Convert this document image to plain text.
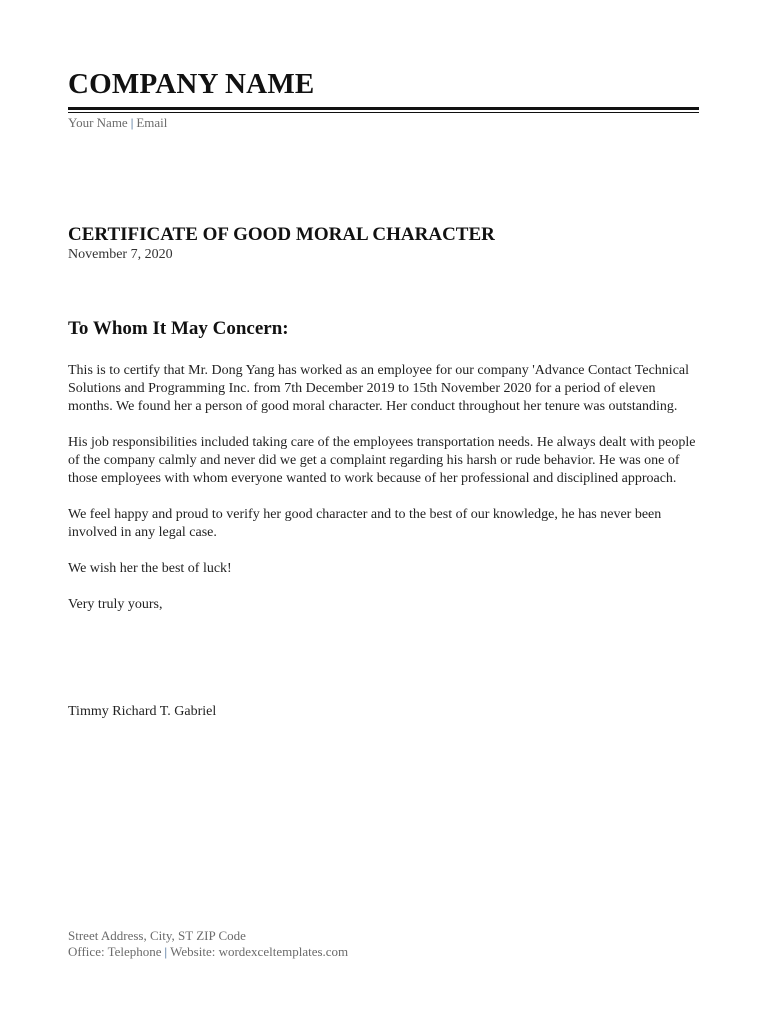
COMPANY NAME
Your Name | Email
CERTIFICATE OF GOOD MORAL CHARACTER
November 7, 2020
To Whom It May Concern:

This is to certify that Mr. Dong Yang has worked as an employee for our company 'Advance Contact Technical Solutions and Programming Inc. from 7th December 2019 to 15th November 2020 for a period of eleven months. We found her a person of good moral character. Her conduct throughout her tenure was outstanding.

His job responsibilities included taking care of the employees transportation needs. He always dealt with people of the company calmly and never did we get a complaint regarding his harsh or rude behavior. He was one of those employees with whom everyone wanted to work because of her professional and disciplined approach.

We feel happy and proud to verify her good character and to the best of our knowledge, he has never been involved in any legal case.

We wish her the best of luck!

Very truly yours,

Timmy Richard T. Gabriel
Street Address, City, ST ZIP Code
Office: Telephone | Website: wordexceltemplates.com
